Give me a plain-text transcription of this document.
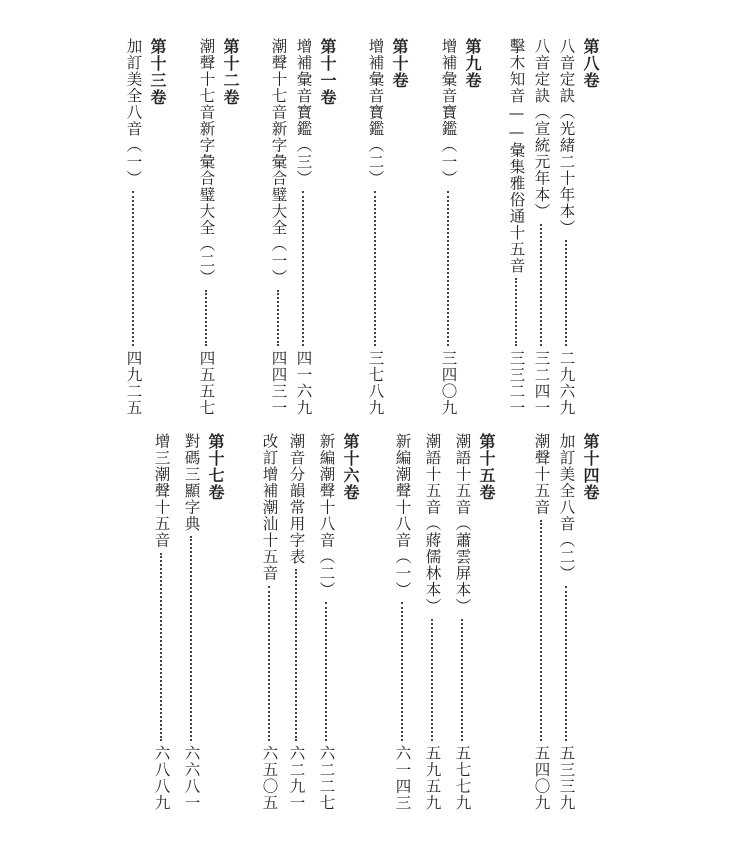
第八卷
八音定訣（光緒二十年本）
二九六九
八音定訣（宣統元年本）
三二四一
擊木知音——彙集雅俗通十五音
三三二一
第九卷
增補彙音寶鑑（一）
三四〇九
第十卷
增補彙音寶鑑（二）
三七八九
第十一卷
增補彙音寶鑑（三）
四一六九
潮聲十七音新字彙合璧大全（一）
四四三一
第十二卷
潮聲十七音新字彙合璧大全（二）
四五五七
第十三卷
加訂美全八音（一）
四九二五
第十四卷
加訂美全八音（二）
五三三九
潮聲十五音
五四〇九
第十五卷
潮語十五音（蕭雲屏本）
五七七九
潮語十五音（蔣儒林本）
五九五九
新編潮聲十八音（一）
六一四三
第十六卷
新編潮聲十八音（二）
六二二七
潮音分韻常用字表
六二九一
改訂增補潮汕十五音
六五〇五
第十七卷
對碼三顯字典
六六八一
增三潮聲十五音
六八八九
